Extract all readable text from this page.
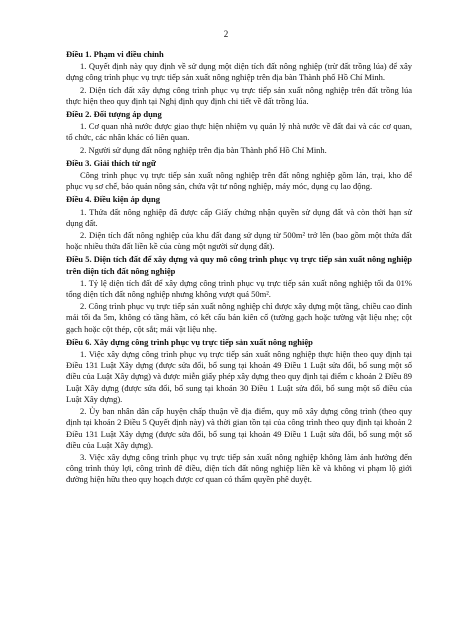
2
Điều 1. Phạm vi điều chỉnh

1. Quyết định này quy định về sử dụng một diện tích đất nông nghiệp (trừ đất trồng lúa) để xây dựng công trình phục vụ trực tiếp sản xuất nông nghiệp trên địa bàn Thành phố Hồ Chí Minh.

2. Diện tích đất xây dựng công trình phục vụ trực tiếp sản xuất nông nghiệp trên đất trồng lúa thực hiện theo quy định tại Nghị định quy định chi tiết về đất trồng lúa.

Điều 2. Đối tượng áp dụng

1. Cơ quan nhà nước được giao thực hiện nhiệm vụ quản lý nhà nước về đất đai và các cơ quan, tổ chức, các nhân khác có liên quan.

2. Người sử dụng đất nông nghiệp trên địa bàn Thành phố Hồ Chí Minh.

Điều 3. Giải thích từ ngữ

Công trình phục vụ trực tiếp sản xuất nông nghiệp trên đất nông nghiệp gồm lán, trại, kho để phục vụ sơ chế, bảo quản nông sản, chứa vật tư nông nghiệp, máy móc, dụng cụ lao động.

Điều 4. Điều kiện áp dụng

1. Thửa đất nông nghiệp đã được cấp Giấy chứng nhận quyền sử dụng đất và còn thời hạn sử dụng đất.

2. Diện tích đất nông nghiệp của khu đất đang sử dụng từ 500m² trở lên (bao gồm một thửa đất hoặc nhiều thửa đất liền kề của cùng một người sử dụng đất).

Điều 5. Diện tích đất để xây dựng và quy mô công trình phục vụ trực tiếp sản xuất nông nghiệp trên diện tích đất nông nghiệp

1. Tỷ lệ diện tích đất để xây dựng công trình phục vụ trực tiếp sản xuất nông nghiệp tối đa 01% tổng diện tích đất nông nghiệp nhưng không vượt quá 50m².

2. Công trình phục vụ trực tiếp sản xuất nông nghiệp chỉ được xây dựng một tầng, chiều cao đỉnh mái tối đa 5m, không có tầng hầm, có kết cấu bán kiên cố (tường gạch hoặc tường vật liệu nhẹ; cột gạch hoặc cột thép, cột sắt; mái vật liệu nhẹ.

Điều 6. Xây dựng công trình phục vụ trực tiếp sản xuất nông nghiệp

1. Việc xây dựng công trình phục vụ trực tiếp sản xuất nông nghiệp thực hiện theo quy định tại Điều 131 Luật Xây dựng (được sửa đổi, bổ sung tại khoản 49 Điều 1 Luật sửa đổi, bổ sung một số điều của Luật Xây dựng) và được miễn giấy phép xây dựng theo quy định tại điểm c khoản 2 Điều 89 Luật Xây dựng (được sửa đổi, bổ sung tại khoản 30 Điều 1 Luật sửa đổi, bổ sung một số điều của Luật Xây dựng).

2. Ủy ban nhân dân cấp huyện chấp thuận về địa điểm, quy mô xây dựng công trình (theo quy định tại khoản 2 Điều 5 Quyết định này) và thời gian tồn tại của công trình theo quy định tại khoản 2 Điều 131 Luật Xây dựng (được sửa đổi, bổ sung tại khoản 49 Điều 1 Luật sửa đổi, bổ sung một số điều của Luật Xây dựng).

3. Việc xây dựng công trình phục vụ trực tiếp sản xuất nông nghiệp không làm ảnh hưởng đến công trình thủy lợi, công trình đê điều, diện tích đất nông nghiệp liền kề và không vi phạm lộ giới đường hiện hữu theo quy hoạch được cơ quan có thẩm quyền phê duyệt.
